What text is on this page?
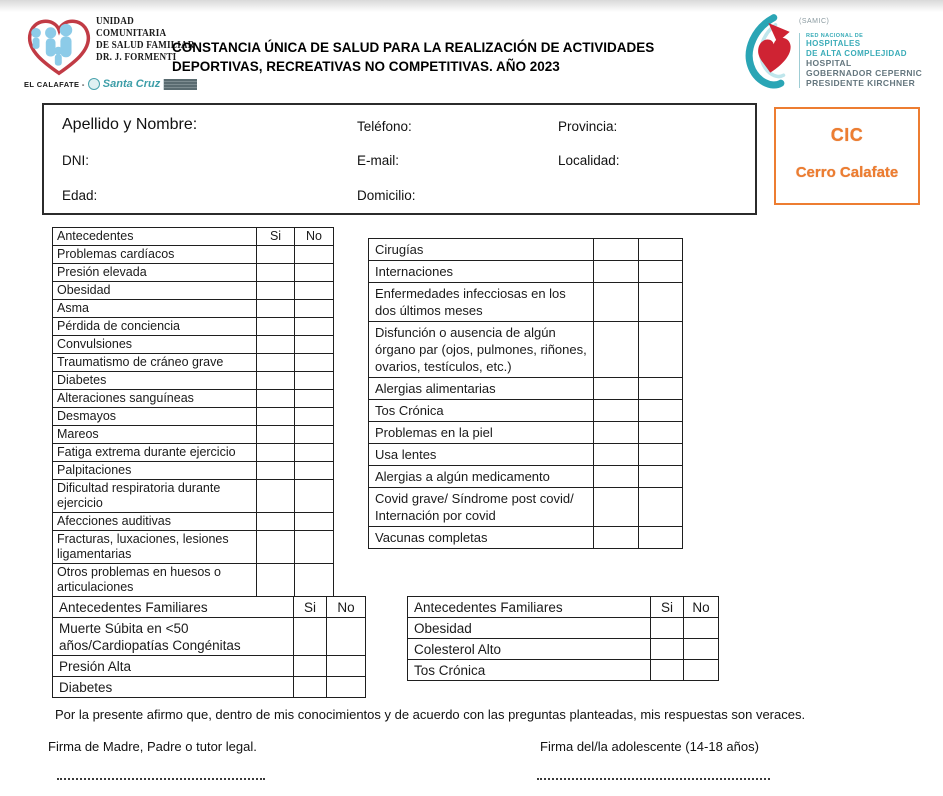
UNIDAD
COMUNITARIA
DE SALUD FAMILIAR
DR. J. FORMENTI
EL CALAFATE - Santa Cruz
CONSTANCIA ÚNICA DE SALUD PARA LA REALIZACIÓN DE ACTIVIDADES
DEPORTIVAS, RECREATIVAS NO COMPETITIVAS. AÑO 2023
(SAMIC)
RED NACIONAL DE
HOSPITALES
DE ALTA COMPLEJIDAD
HOSPITAL
GOBERNADOR CEPERNIC
PRESIDENTE KIRCHNER
Apellido y Nombre:	Teléfono:	Provincia:
DNI:	E-mail:	Localidad:
Edad:	Domicilio:
CIC
Cerro Calafate
Antecedentes	Si	No
Problemas cardíacos		
Presión elevada		
Obesidad		
Asma		
Pérdida de conciencia		
Convulsiones		
Traumatismo de cráneo grave		
Diabetes		
Alteraciones sanguíneas		
Desmayos		
Mareos		
Fatiga extrema durante ejercicio		
Palpitaciones		
Dificultad respiratoria durante ejercicio		
Afecciones auditivas		
Fracturas, luxaciones, lesiones ligamentarias		
Otros problemas en huesos o articulaciones		
Cirugías		
Internaciones		
Enfermedades infecciosas en los dos últimos meses		
Disfunción o ausencia de algún órgano par (ojos, pulmones, riñones, ovarios, testículos, etc.)		
Alergias alimentarias		
Tos Crónica		
Problemas en la piel		
Usa lentes		
Alergias a algún medicamento		
Covid grave/ Síndrome post covid/ Internación por covid		
Vacunas completas		
Antecedentes Familiares	Si	No
Muerte Súbita en <50 años/Cardiopatías Congénitas		
Presión Alta		
Diabetes		
Antecedentes Familiares	Si	No
Obesidad		
Colesterol Alto		
Tos Crónica		
Por la presente afirmo que, dentro de mis conocimientos y de acuerdo con las preguntas planteadas, mis respuestas son veraces.
Firma de Madre, Padre o tutor legal.	Firma del/la adolescente (14-18 años)
